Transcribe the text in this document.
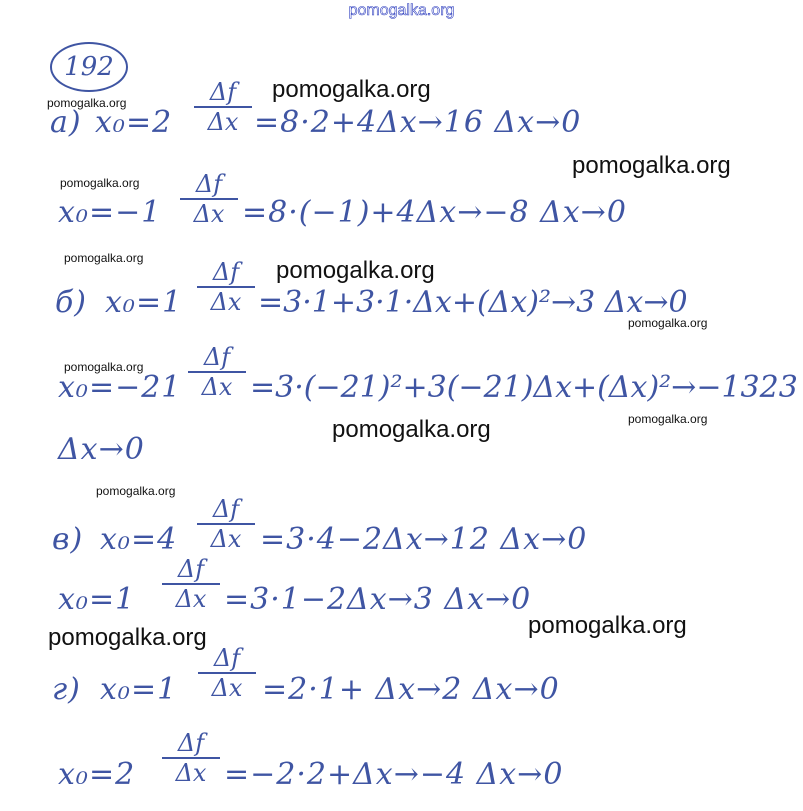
pomogalka.org
192
а) x₀=2
Δf
Δx =8·2+4Δx→16 Δx→0
x₀=−1
Δf
Δx =8·(−1)+4Δx→−8 Δx→0
б) x₀=1
Δf
Δx =3·1+3·1·Δx+(Δx)²→3 Δx→0
x₀=−21
Δf
Δx =3·(−21)²+3(−21)Δx+(Δx)²→−1323
Δx→0
в) x₀=4
Δf
Δx =3·4−2Δx→12 Δx→0
x₀=1
Δf
Δx =3·1−2Δx→3 Δx→0
г) x₀=1
Δf
Δx =2·1+ Δx→2 Δx→0
x₀=2
Δf
Δx =−2·2+Δx→−4 Δx→0
pomogalka.org	pomogalka.org
pomogalka.org
pomogalka.org
pomogalka.org	pomogalka.org
pomogalka.org
pomogalka.org
pomogalka.org
pomogalka.org
pomogalka.org
pomogalka.org	pomogalka.org
